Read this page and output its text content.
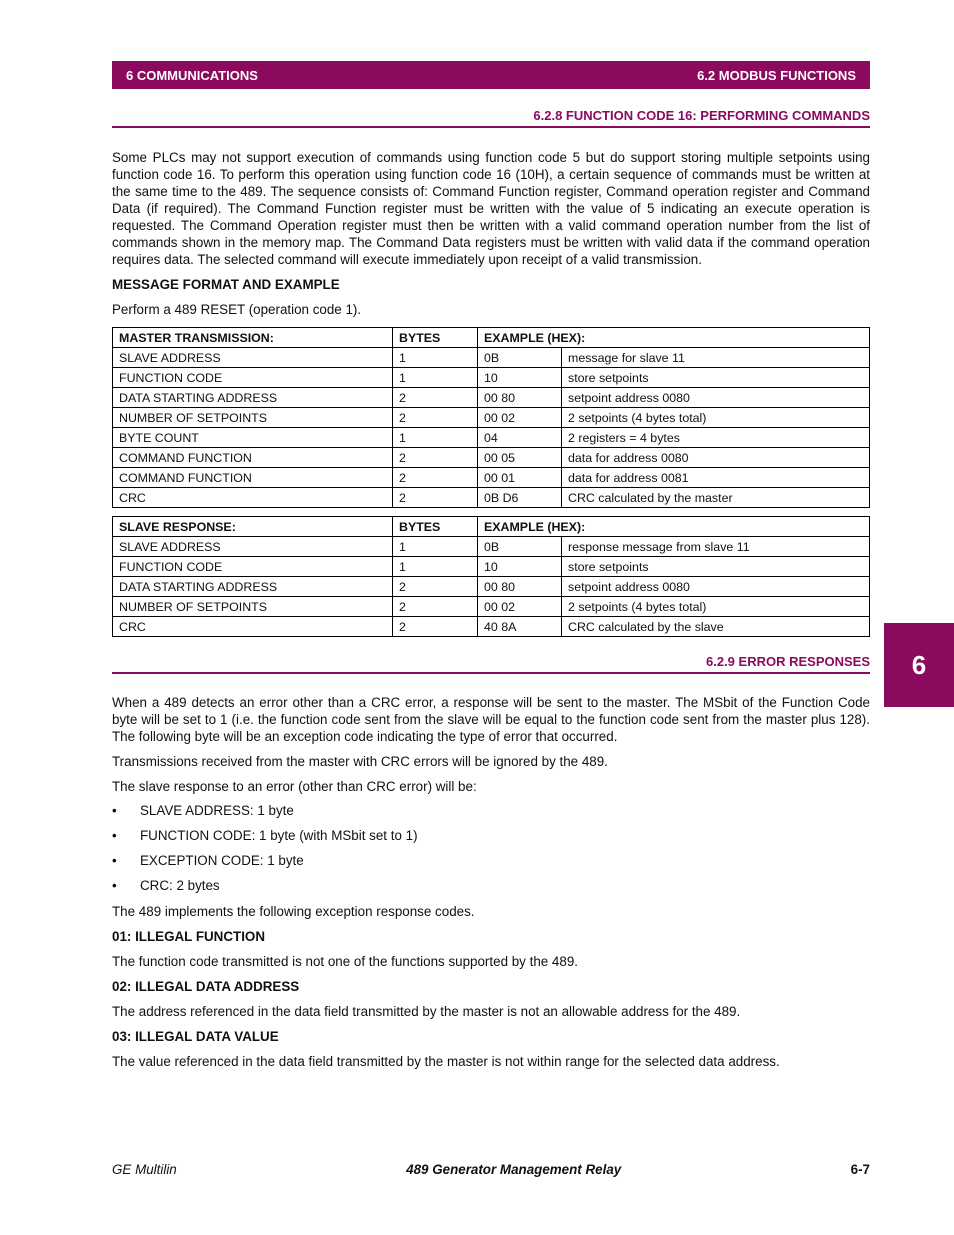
6 COMMUNICATIONS	6.2 MODBUS FUNCTIONS
6.2.8 FUNCTION CODE 16: PERFORMING COMMANDS

Some PLCs may not support execution of commands using function code 5 but do support storing multiple setpoints using function code 16. To perform this operation using function code 16 (10H), a certain sequence of commands must be written at the same time to the 489. The sequence consists of: Command Function register, Command operation register and Command Data (if required). The Command Function register must be written with the value of 5 indicating an execute operation is requested. The Command Operation register must then be written with a valid command operation number from the list of commands shown in the memory map. The Command Data registers must be written with valid data if the command operation requires data. The selected command will execute immediately upon receipt of a valid transmission.

MESSAGE FORMAT AND EXAMPLE

Perform a 489 RESET (operation code 1).

MASTER TRANSMISSION:	BYTES	EXAMPLE (HEX):	
SLAVE ADDRESS	1	0B	message for slave 11
FUNCTION CODE	1	10	store setpoints
DATA STARTING ADDRESS	2	00 80	setpoint address 0080
NUMBER OF SETPOINTS	2	00 02	2 setpoints (4 bytes total)
BYTE COUNT	1	04	2 registers = 4 bytes
COMMAND FUNCTION	2	00 05	data for address 0080
COMMAND FUNCTION	2	00 01	data for address 0081
CRC	2	0B D6	CRC calculated by the master
SLAVE RESPONSE:	BYTES	EXAMPLE (HEX):	
SLAVE ADDRESS	1	0B	response message from slave 11
FUNCTION CODE	1	10	store setpoints
DATA STARTING ADDRESS	2	00 80	setpoint address 0080
NUMBER OF SETPOINTS	2	00 02	2 setpoints (4 bytes total)
CRC	2	40 8A	CRC calculated by the slave
6
6.2.9 ERROR RESPONSES

When a 489 detects an error other than a CRC error, a response will be sent to the master. The MSbit of the Function Code byte will be set to 1 (i.e. the function code sent from the slave will be equal to the function code sent from the master plus 128). The following byte will be an exception code indicating the type of error that occurred.

Transmissions received from the master with CRC errors will be ignored by the 489.

The slave response to an error (other than CRC error) will be:

• SLAVE ADDRESS: 1 byte
• FUNCTION CODE: 1 byte (with MSbit set to 1)
• EXCEPTION CODE: 1 byte
• CRC: 2 bytes

The 489 implements the following exception response codes.

01: ILLEGAL FUNCTION

The function code transmitted is not one of the functions supported by the 489.

02: ILLEGAL DATA ADDRESS

The address referenced in the data field transmitted by the master is not an allowable address for the 489.

03: ILLEGAL DATA VALUE

The value referenced in the data field transmitted by the master is not within range for the selected data address.

GE Multilin	489 Generator Management Relay	6-7
